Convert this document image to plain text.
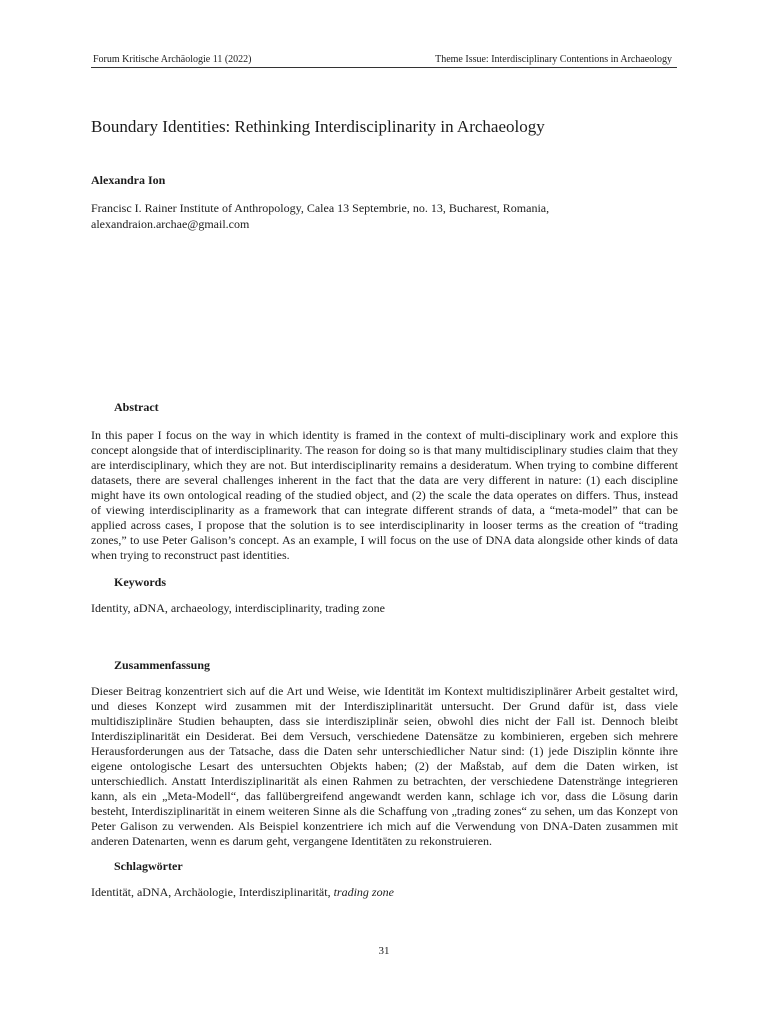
Forum Kritische Archäologie 11 (2022)	Theme Issue: Interdisciplinary Contentions in Archaeology
Boundary Identities: Rethinking Interdisciplinarity in Archaeology
Alexandra Ion
Francisc I. Rainer Institute of Anthropology, Calea 13 Septembrie, no. 13, Bucharest, Romania,
alexandraion.archae@gmail.com
Abstract

In this paper I focus on the way in which identity is framed in the context of multi-disciplinary work and explore this concept alongside that of interdisciplinarity. The reason for doing so is that many multidisciplinary studies claim that they are interdisciplinary, which they are not. But interdisciplinarity remains a desideratum. When trying to combine different datasets, there are several challenges inherent in the fact that the data are very different in nature: (1) each discipline might have its own ontological reading of the studied object, and (2) the scale the data operates on differs. Thus, instead of viewing interdisciplinarity as a framework that can integrate different strands of data, a “meta-model” that can be applied across cases, I propose that the solution is to see interdisciplinarity in looser terms as the creation of “trading zones,” to use Peter Galison’s concept. As an example, I will focus on the use of DNA data alongside other kinds of data when trying to reconstruct past identities.

Keywords
Identity, aDNA, archaeology, interdisciplinarity, trading zone
Zusammenfassung

Dieser Beitrag konzentriert sich auf die Art und Weise, wie Identität im Kontext multidisziplinärer Arbeit gestaltet wird, und dieses Konzept wird zusammen mit der Interdisziplinarität untersucht. Der Grund dafür ist, dass viele multidisziplinäre Studien behaupten, dass sie interdisziplinär seien, obwohl dies nicht der Fall ist. Dennoch bleibt Interdisziplinarität ein Desiderat. Bei dem Versuch, verschiedene Datensätze zu kombinieren, ergeben sich mehrere Herausforderungen aus der Tatsache, dass die Daten sehr unterschiedlicher Natur sind: (1) jede Disziplin könnte ihre eigene ontologische Lesart des untersuchten Objekts haben; (2) der Maßstab, auf dem die Daten wirken, ist unterschiedlich. Anstatt Interdisziplinarität als einen Rahmen zu betrachten, der verschiedene Datenstränge integrieren kann, als ein „Meta-Modell“, das fallübergreifend angewandt werden kann, schlage ich vor, dass die Lösung darin besteht, Interdisziplinarität in einem weiteren Sinne als die Schaffung von „trading zones“ zu sehen, um das Konzept von Peter Galison zu verwenden. Als Beispiel konzentriere ich mich auf die Verwendung von DNA-Daten zusammen mit anderen Datenarten, wenn es darum geht, vergangene Identitäten zu rekonstruieren.

Schlagwörter
Identität, aDNA, Archäologie, Interdisziplinarität, trading zone
31
